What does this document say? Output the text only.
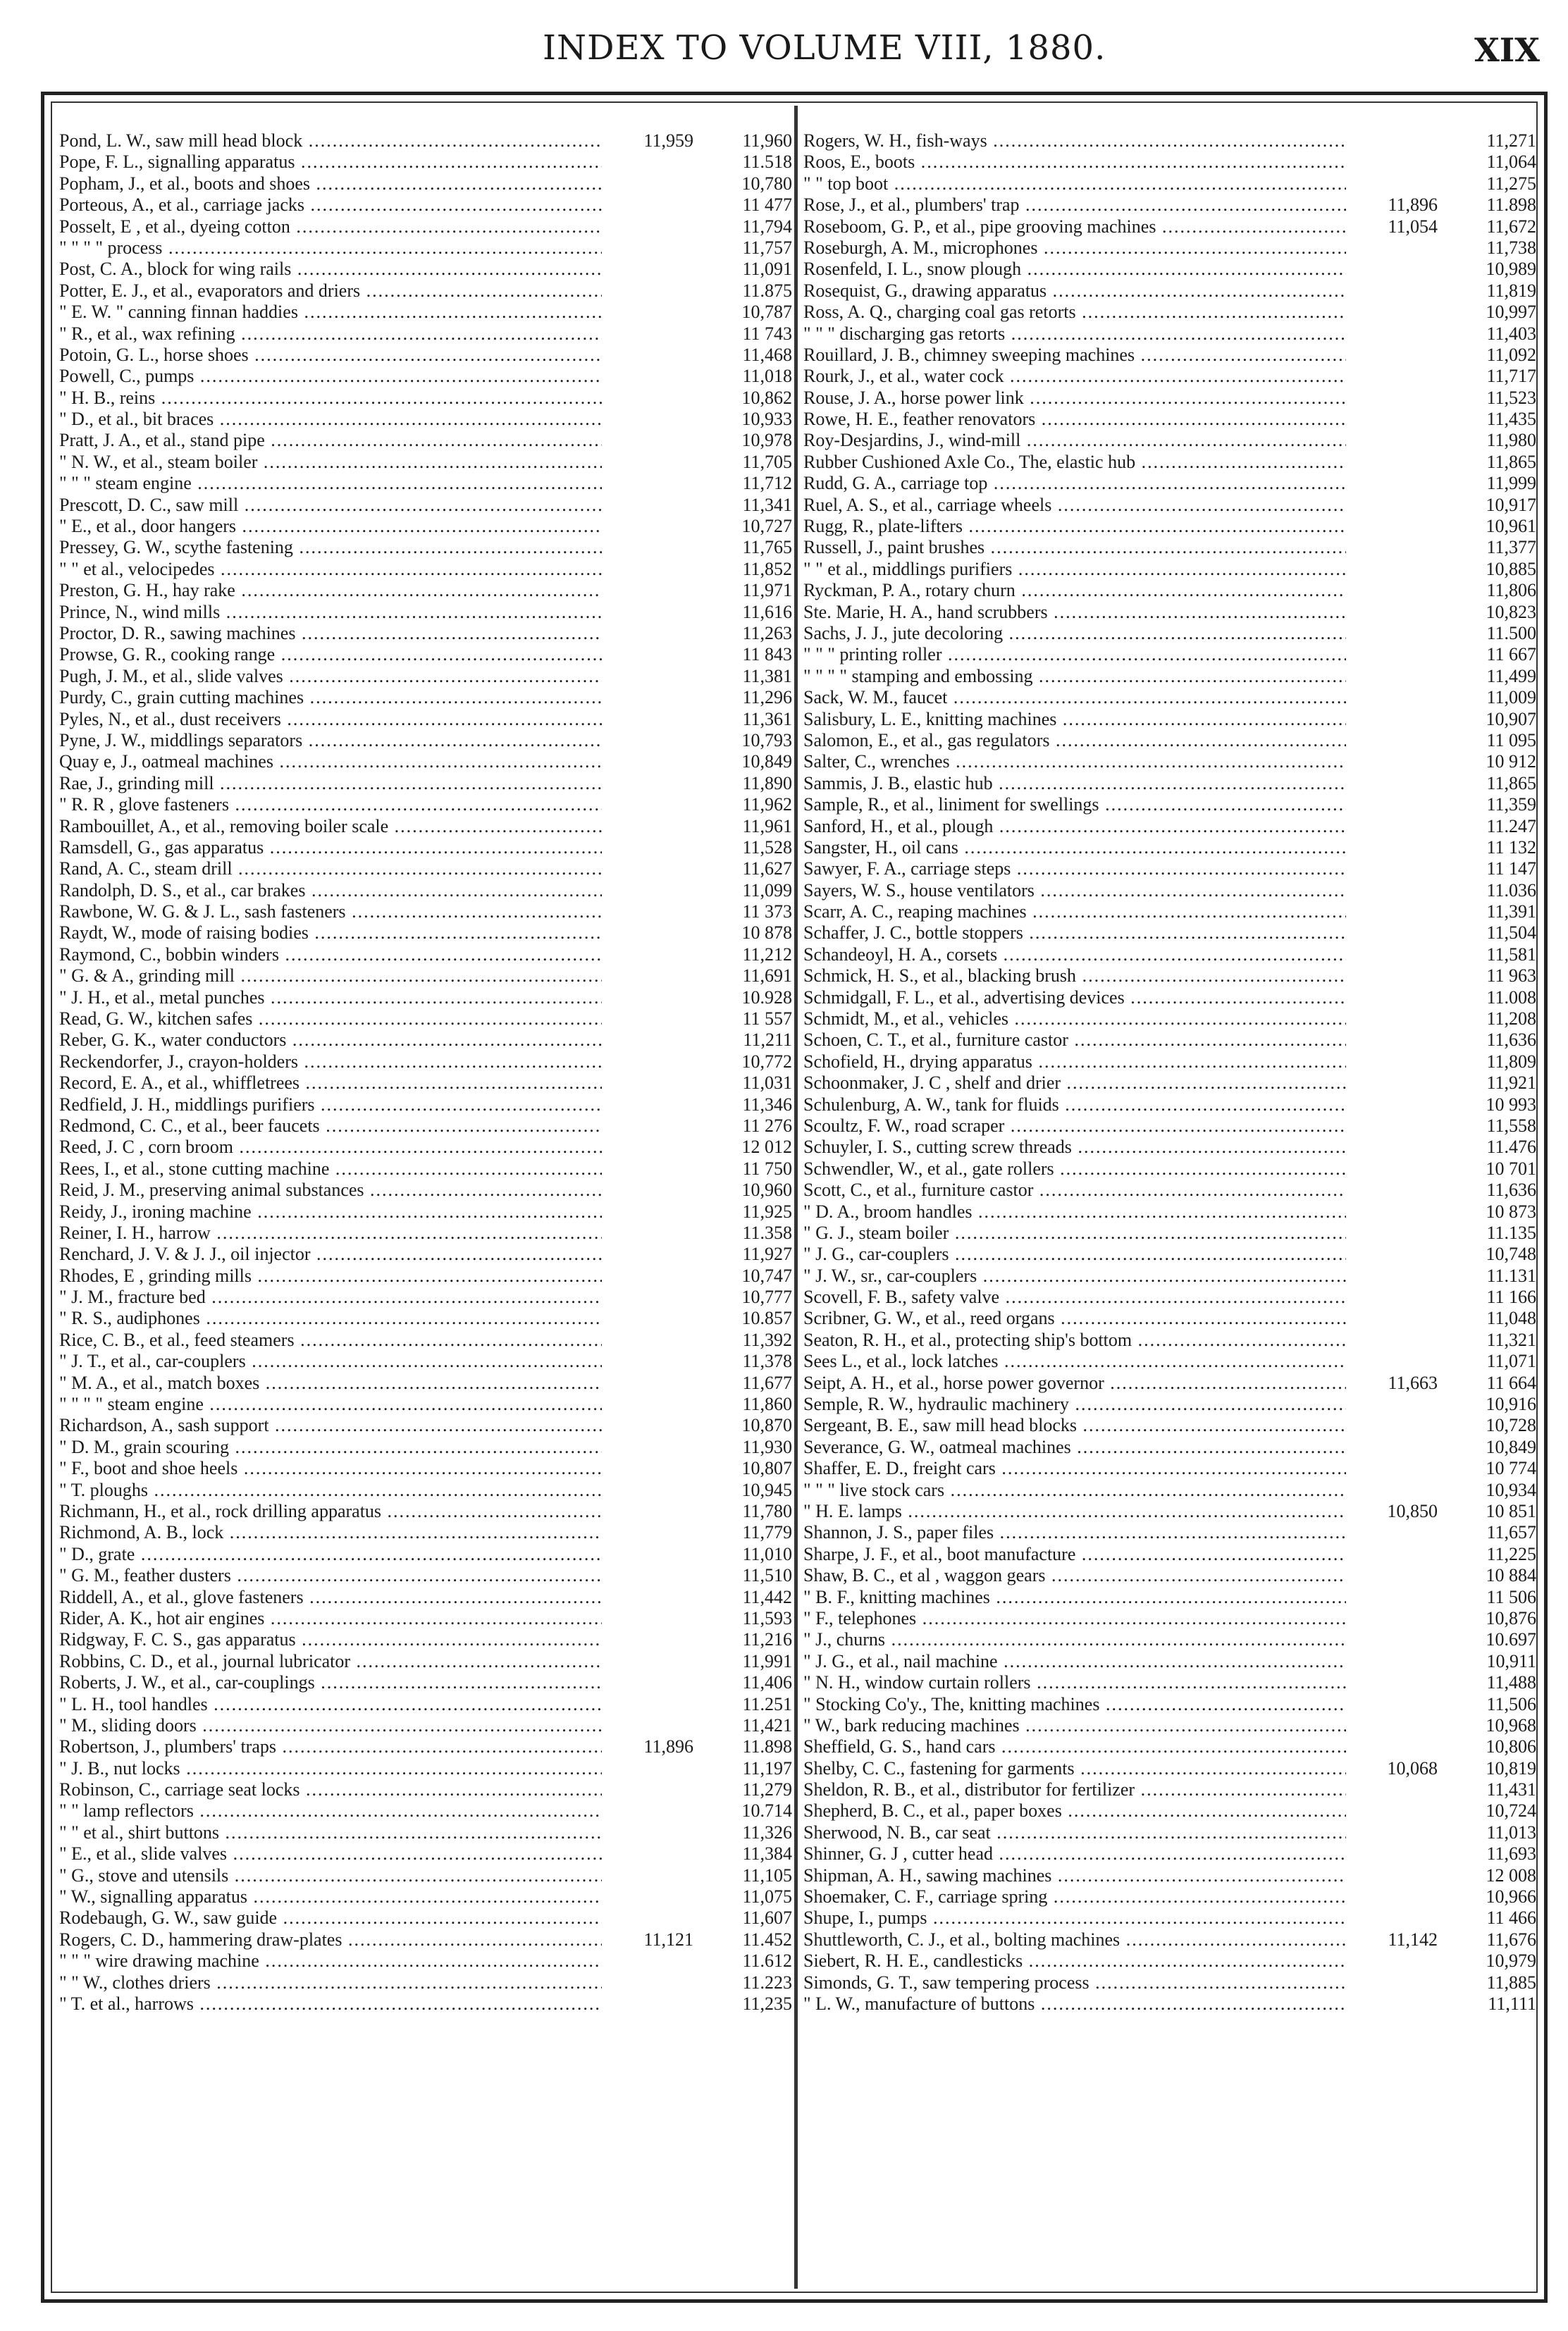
INDEX TO VOLUME VIII, 1880.	XIX
Pond, L. W., saw mill head block .....	11,959	11,960
Pope, F. L., signalling apparatus .....	11.518
Popham, J., et al., boots and shoes .....	10,780
Porteous, A., et al., carriage jacks .....	11 477
Posselt, E , et al., dyeing cotton .....	11,794
" " " " process .....	11,757
Post, C. A., block for wing rails .....	11,091
Potter, E. J., et al., evaporators and driers .....	11.875
" E. W. " canning finnan haddies .....	10,787
" R., et al., wax refining .....	11 743
Potoin, G. L., horse shoes .....	11,468
Powell, C., pumps .....	11,018
" H. B., reins .....	10,862
" D., et al., bit braces .....	10,933
Pratt, J. A., et al., stand pipe .....	10,978
" N. W., et al., steam boiler .....	11,705
" " " steam engine .....	11,712
Prescott, D. C., saw mill .....	11,341
" E., et al., door hangers .....	10,727
Pressey, G. W., scythe fastening .....	11,765
" " et al., velocipedes .....	11,852
Preston, G. H., hay rake .....	11,971
Prince, N., wind mills .....	11,616
Proctor, D. R., sawing machines .....	11,263
Prowse, G. R., cooking range .....	11 843
Pugh, J. M., et al., slide valves .....	11,381
Purdy, C., grain cutting machines .....	11,296
Pyles, N., et al., dust receivers .....	11,361
Pyne, J. W., middlings separators .....	10,793
Quay e, J., oatmeal machines .....	10,849
Rae, J., grinding mill .....	11,890
" R. R , glove fasteners .....	11,962
Rambouillet, A., et al., removing boiler scale .....	11,961
Ramsdell, G., gas apparatus .....	11,528
Rand, A. C., steam drill .....	11,627
Randolph, D. S., et al., car brakes .....	11,099
Rawbone, W. G. & J. L., sash fasteners .....	11 373
Raydt, W., mode of raising bodies .....	10 878
Raymond, C., bobbin winders .....	11,212
" G. & A., grinding mill .....	11,691
" J. H., et al., metal punches .....	10.928
Read, G. W., kitchen safes .....	11 557
Reber, G. K., water conductors .....	11,211
Reckendorfer, J., crayon-holders .....	10,772
Record, E. A., et al., whiffletrees .....	11,031
Redfield, J. H., middlings purifiers .....	11,346
Redmond, C. C., et al., beer faucets .....	11 276
Reed, J. C , corn broom .....	12 012
Rees, I., et al., stone cutting machine .....	11 750
Reid, J. M., preserving animal substances .....	10,960
Reidy, J., ironing machine .....	11,925
Reiner, I. H., harrow .....	11.358
Renchard, J. V. & J. J., oil injector .....	11,927
Rhodes, E , grinding mills .....	10,747
" J. M., fracture bed .....	10,777
" R. S., audiphones .....	10.857
Rice, C. B., et al., feed steamers .....	11,392
" J. T., et al., car-couplers .....	11,378
" M. A., et al., match boxes .....	11,677
" " " " steam engine .....	11,860
Richardson, A., sash support .....	10,870
" D. M., grain scouring .....	11,930
" F., boot and shoe heels .....	10,807
" T. ploughs .....	10,945
Richmann, H., et al., rock drilling apparatus .....	11,780
Richmond, A. B., lock .....	11,779
" D., grate .....	11,010
" G. M., feather dusters .....	11,510
Riddell, A., et al., glove fasteners .....	11,442
Rider, A. K., hot air engines .....	11,593
Ridgway, F. C. S., gas apparatus .....	11,216
Robbins, C. D., et al., journal lubricator .....	11,991
Roberts, J. W., et al., car-couplings .....	11,406
" L. H., tool handles .....	11.251
" M., sliding doors .....	11,421
Robertson, J., plumbers' traps .....	11,896	11.898
" J. B., nut locks .....	11,197
Robinson, C., carriage seat locks .....	11,279
" " lamp reflectors .....	10.714
" " et al., shirt buttons .....	11,326
" E., et al., slide valves .....	11,384
" G., stove and utensils .....	11,105
" W., signalling apparatus .....	11,075
Rodebaugh, G. W., saw guide .....	11,607
Rogers, C. D., hammering draw-plates .....	11,121	11.452
" " " wire drawing machine .....	11.612
" " W., clothes driers .....	11.223
" T. et al., harrows .....	11,235
Rogers, W. H., fish-ways .....	11,271
Roos, E., boots .....	11,064
" " top boot .....	11,275
Rose, J., et al., plumbers' trap .....	11,896	11.898
Roseboom, G. P., et al., pipe grooving machines .....	11,054	11,672
Roseburgh, A. M., microphones .....	11,738
Rosenfeld, I. L., snow plough .....	10,989
Rosequist, G., drawing apparatus .....	11,819
Ross, A. Q., charging coal gas retorts .....	10,997
" " " discharging gas retorts .....	11,403
Rouillard, J. B., chimney sweeping machines .....	11,092
Rourk, J., et al., water cock .....	11,717
Rouse, J. A., horse power link .....	11,523
Rowe, H. E., feather renovators .....	11,435
Roy-Desjardins, J., wind-mill .....	11,980
Rubber Cushioned Axle Co., The, elastic hub .....	11,865
Rudd, G. A., carriage top .....	11,999
Ruel, A. S., et al., carriage wheels .....	10,917
Rugg, R., plate-lifters .....	10,961
Russell, J., paint brushes .....	11,377
" " et al., middlings purifiers .....	10,885
Ryckman, P. A., rotary churn .....	11,806
Ste. Marie, H. A., hand scrubbers .....	10,823
Sachs, J. J., jute decoloring .....	11.500
" " " printing roller .....	11 667
" " " " stamping and embossing .....	11,499
Sack, W. M., faucet .....	11,009
Salisbury, L. E., knitting machines .....	10,907
Salomon, E., et al., gas regulators .....	11 095
Salter, C., wrenches .....	10 912
Sammis, J. B., elastic hub .....	11,865
Sample, R., et al., liniment for swellings .....	11,359
Sanford, H., et al., plough .....	11.247
Sangster, H., oil cans .....	11 132
Sawyer, F. A., carriage steps .....	11 147
Sayers, W. S., house ventilators .....	11.036
Scarr, A. C., reaping machines .....	11,391
Schaffer, J. C., bottle stoppers .....	11,504
Schandeoyl, H. A., corsets .....	11,581
Schmick, H. S., et al., blacking brush .....	11 963
Schmidgall, F. L., et al., advertising devices .....	11.008
Schmidt, M., et al., vehicles .....	11,208
Schoen, C. T., et al., furniture castor .....	11,636
Schofield, H., drying apparatus .....	11,809
Schoonmaker, J. C , shelf and drier .....	11,921
Schulenburg, A. W., tank for fluids .....	10 993
Scoultz, F. W., road scraper .....	11,558
Schuyler, I. S., cutting screw threads .....	11.476
Schwendler, W., et al., gate rollers .....	10 701
Scott, C., et al., furniture castor .....	11,636
" D. A., broom handles .....	10 873
" G. J., steam boiler .....	11.135
" J. G., car-couplers .....	10,748
" J. W., sr., car-couplers .....	11.131
Scovell, F. B., safety valve .....	11 166
Scribner, G. W., et al., reed organs .....	11,048
Seaton, R. H., et al., protecting ship's bottom .....	11,321
Sees L., et al., lock latches .....	11,071
Seipt, A. H., et al., horse power governor .....	11,663	11 664
Semple, R. W., hydraulic machinery .....	10,916
Sergeant, B. E., saw mill head blocks .....	10,728
Severance, G. W., oatmeal machines .....	10,849
Shaffer, E. D., freight cars .....	10 774
" " " live stock cars .....	10,934
" H. E. lamps .....	10,850	10 851
Shannon, J. S., paper files .....	11,657
Sharpe, J. F., et al., boot manufacture .....	11,225
Shaw, B. C., et al , waggon gears .....	10 884
" B. F., knitting machines .....	11 506
" F., telephones .....	10,876
" J., churns .....	10.697
" J. G., et al., nail machine .....	10,911
" N. H., window curtain rollers .....	11,488
" Stocking Co'y., The, knitting machines .....	11,506
" W., bark reducing machines .....	10,968
Sheffield, G. S., hand cars .....	10,806
Shelby, C. C., fastening for garments .....	10,068	10,819
Sheldon, R. B., et al., distributor for fertilizer .....	11,431
Shepherd, B. C., et al., paper boxes .....	10,724
Sherwood, N. B., car seat .....	11,013
Shinner, G. J , cutter head .....	11,693
Shipman, A. H., sawing machines .....	12 008
Shoemaker, C. F., carriage spring .....	10,966
Shupe, I., pumps .....	11 466
Shuttleworth, C. J., et al., bolting machines .....	11,142	11,676
Siebert, R. H. E., candlesticks .....	10,979
Simonds, G. T., saw tempering process .....	11,885
" L. W., manufacture of buttons .....	11,111
